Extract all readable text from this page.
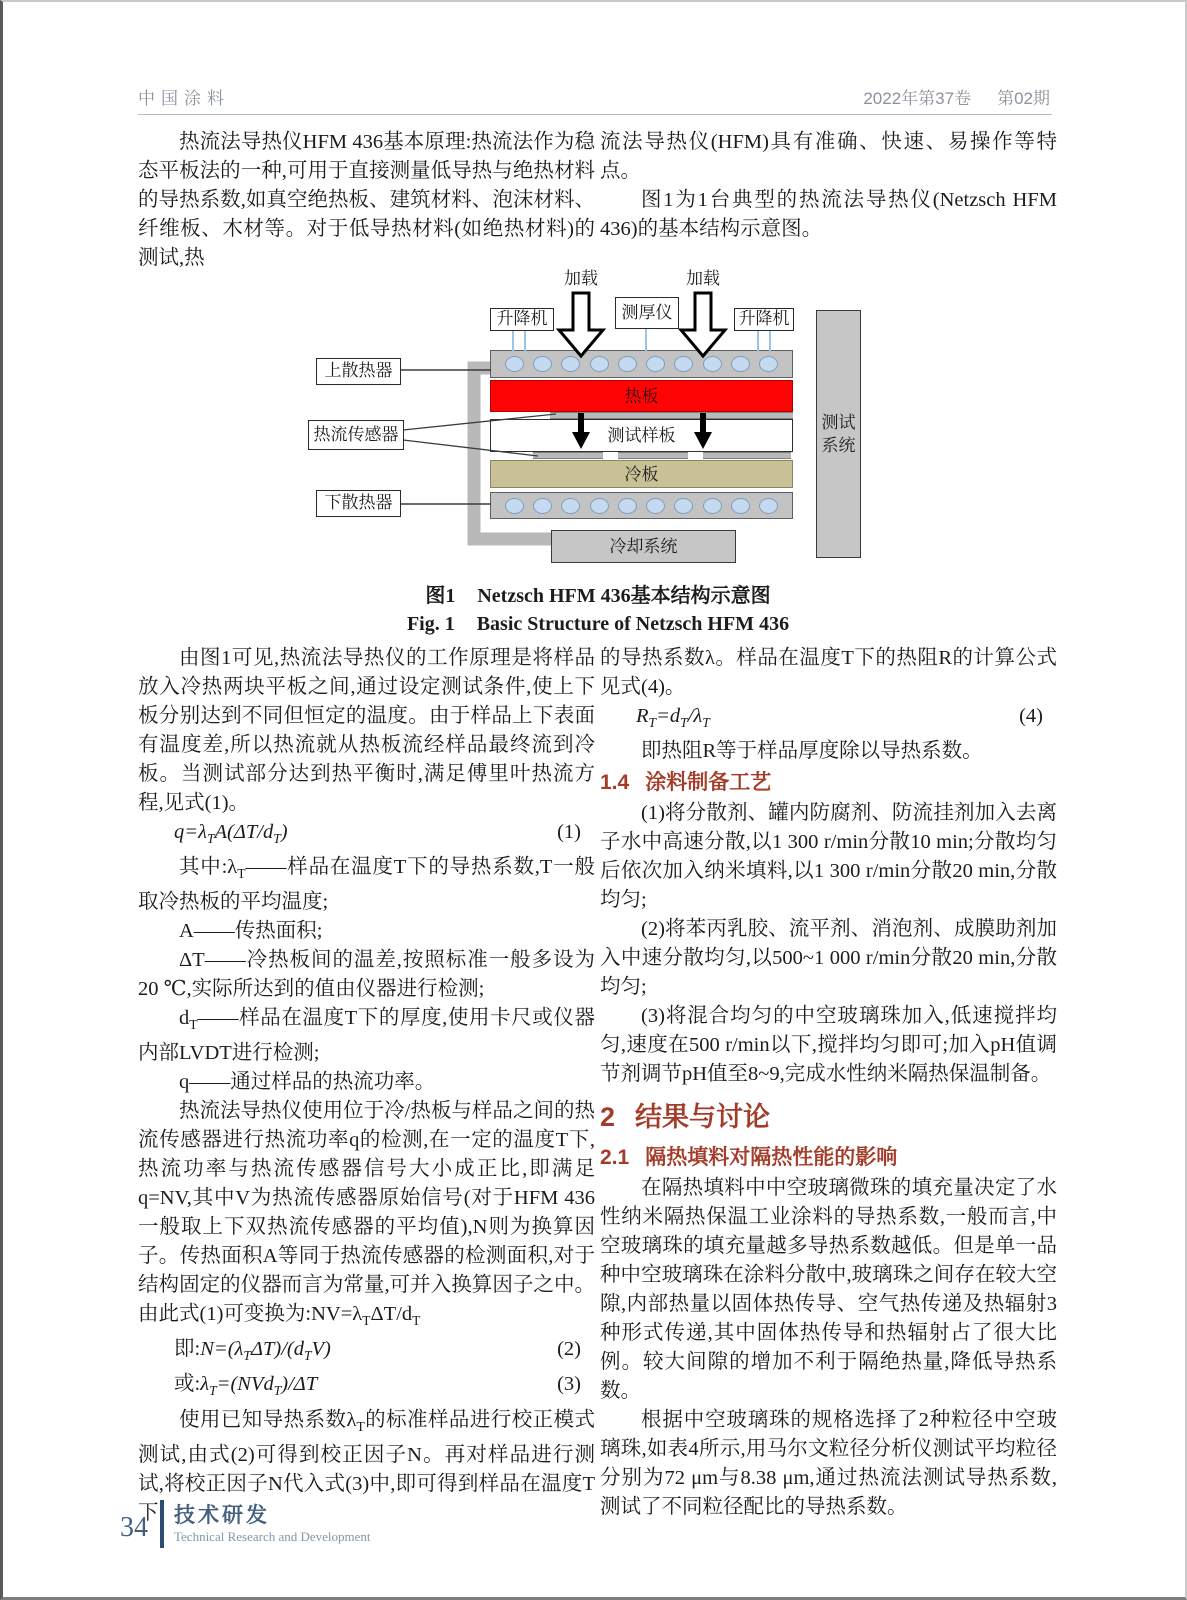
中国涂料	2022年第37卷 第02期

热流法导热仪HFM 436基本原理:热流法作为稳态平板法的一种,可用于直接测量低导热与绝热材料的导热系数,如真空绝热板、建筑材料、泡沫材料、纤维板、木材等。对于低导热材料(如绝热材料)的测试,热

流法导热仪(HFM)具有准确、快速、易操作等特点。

图1为1台典型的热流法导热仪(Netzsch HFM 436)的基本结构示意图。

热板
测试样板
冷板
冷却系统
测试系统
上散热器
热流传感器
下散热器
升降机	升降机
测厚仪
加载	加载
图1 Netzsch HFM 436基本结构示意图
Fig. 1 Basic Structure of Netzsch HFM 436

由图1可见,热流法导热仪的工作原理是将样品放入冷热两块平板之间,通过设定测试条件,使上下板分别达到不同但恒定的温度。由于样品上下表面有温度差,所以热流就从热板流经样品最终流到冷板。当测试部分达到热平衡时,满足傅里叶热流方程,见式(1)。

$q=\lambda_TA(\Delta T/d_T)$	(1)

其中$:\lambda_T——$样品在温度T下的导热系数,T一般取冷热板的平均温度;

A——传热面积;

ΔT——冷热板间的温差,按照标准一般多设为20 ℃,实际所达到的值由仪器进行检测;

$d_T——$样品在温度T下的厚度,使用卡尺或仪器内部LVDT进行检测;

q——通过样品的热流功率。

热流法导热仪使用位于冷/热板与样品之间的热流传感器进行热流功率q的检测,在一定的温度T下,热流功率与热流传感器信号大小成正比,即满足q=NV,其中V为热流传感器原始信号(对于HFM 436一般取上下双热流传感器的平均值),N则为换算因子。传热面积A等同于热流传感器的检测面积,对于结构固定的仪器而言为常量,可并入换算因子之中。由此式(1)可变换为$:NV=\lambda_T\Delta T/d_T$

即: $N=(\lambda_T\Delta T)/(d_TV)$	(2)
或: $\lambda_T=(NVd_T)/\Delta T$	(3)

使用已知导热系数$\lambda_T$的标准样品进行校正模式测试,由式(2)可得到校正因子N。再对样品进行测试,将校正因子N代入式(3)中,即可得到样品在温度T下

的导热系数λ。样品在温度T下的热阻R的计算公式见式(4)。

$R_T=d_T/\lambda_T$	(4)

即热阻R等于样品厚度除以导热系数。

1.4 涂料制备工艺

(1)将分散剂、罐内防腐剂、防流挂剂加入去离子水中高速分散,以1 300 r/min分散10 min;分散均匀后依次加入纳米填料,以1 300 r/min分散20 min,分散均匀;

(2)将苯丙乳胶、流平剂、消泡剂、成膜助剂加入中速分散均匀,以500~1 000 r/min分散20 min,分散均匀;

(3)将混合均匀的中空玻璃珠加入,低速搅拌均匀,速度在500 r/min以下,搅拌均匀即可;加入pH值调节剂调节pH值至8~9,完成水性纳米隔热保温制备。

2 结果与讨论
2.1 隔热填料对隔热性能的影响

在隔热填料中中空玻璃微珠的填充量决定了水性纳米隔热保温工业涂料的导热系数,一般而言,中空玻璃珠的填充量越多导热系数越低。但是单一品种中空玻璃珠在涂料分散中,玻璃珠之间存在较大空隙,内部热量以固体热传导、空气热传递及热辐射3种形式传递,其中固体热传导和热辐射占了很大比例。较大间隙的增加不利于隔绝热量,降低导热系数。

根据中空玻璃珠的规格选择了2种粒径中空玻璃珠,如表4所示,用马尔文粒径分析仪测试平均粒径分别为72 μm与8.38 μm,通过热流法测试导热系数,测试了不同粒径配比的导热系数。

34 技术研发
Technical Research and Development
